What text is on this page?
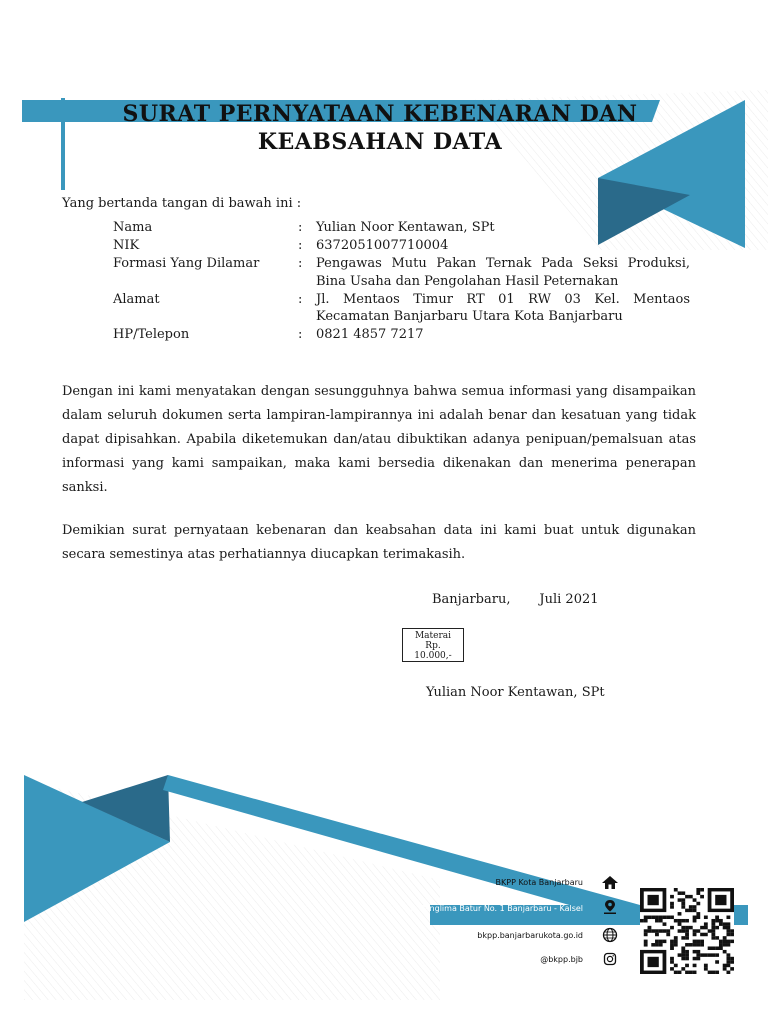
SURAT PERNYATAAN KEBENARAN DAN
KEABSAHAN DATA
Yang bertanda tangan di bawah ini :
Nama	:	Yulian Noor Kentawan, SPt
NIK	:	6372051007710004
Formasi Yang Dilamar	:	Pengawas Mutu Pakan Ternak Pada Seksi Produksi, Bina Usaha dan Pengolahan Hasil Peternakan
Alamat	:	Jl. Mentaos Timur RT 01 RW 03 Kel. Mentaos Kecamatan Banjarbaru Utara Kota Banjarbaru
HP/Telepon	:	0821 4857 7217
Dengan ini kami menyatakan dengan sesungguhnya bahwa semua informasi yang disampaikan dalam seluruh dokumen serta lampiran-lampirannya ini adalah benar dan kesatuan yang tidak dapat dipisahkan. Apabila diketemukan dan/atau dibuktikan adanya penipuan/pemalsuan atas informasi yang kami sampaikan, maka kami bersedia dikenakan dan menerima penerapan sanksi.
Demikian surat pernyataan kebenaran dan keabsahan data ini kami buat untuk digunakan secara semestinya atas perhatiannya diucapkan terimakasih.
Banjarbaru,       Juli 2021
Materai
Rp.
10.000,-
Yulian Noor Kentawan, SPt
BKPP Kota Banjarbaru
Jl. Panglima Batur No. 1 Banjarbaru - Kalsel
bkpp.banjarbarukota.go.id
@bkpp.bjb
